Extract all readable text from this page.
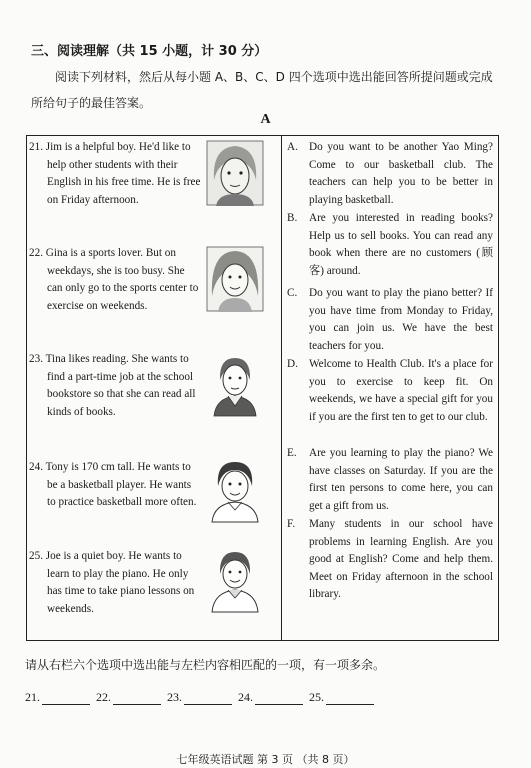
三、阅读理解（共 15 小题，计 30 分）
阅读下列材料，然后从每小题 A、B、C、D 四个选项中选出能回答所提问题或完成所给句子的最佳答案。
A
21. Jim is a helpful boy. He'd like to help other students with their English in his free time. He is free on Friday afternoon.
22. Gina is a sports lover. But on weekdays, she is too busy. She can only go to the sports center to exercise on weekends.
23. Tina likes reading. She wants to find a part-time job at the school bookstore so that she can read all kinds of books.
24. Tony is 170 cm tall. He wants to be a basketball player. He wants to practice basketball more often.
25. Joe is a quiet boy. He wants to learn to play the piano. He only has time to take piano lessons on weekends.
A. Do you want to be another Yao Ming? Come to our basketball club. The teachers can help you to be better in playing basketball.
B.	Are you interested in reading books? Help us to sell books. You can read any book when there are no customers (顾客) around.
C.	Do you want to play the piano better? If you have time from Monday to Friday, you can join us. We have the best teachers for you.
D. Welcome to Health Club. It's a place for you to exercise to keep fit. On weekends, we have a special gift for you if you are the first ten to get to our club.
E.	Are you learning to play the piano? We have classes on Saturday. If you are the first ten persons to come here, you can get a gift from us.
F.	Many students in our school have problems in learning English. Are you good at English? Come and help them. Meet on Friday afternoon in the school library.
请从右栏六个选项中选出能与左栏内容相匹配的一项，有一项多余。
21.	22.	23.	24.	25.
七年级英语试题 第 3 页 （共 8 页）
